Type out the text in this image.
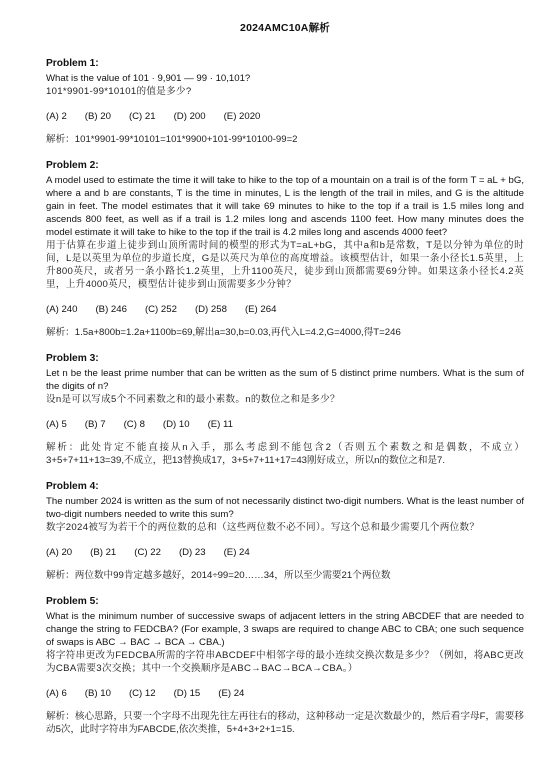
2024AMC10A解析
Problem 1:
What is the value of 101 · 9,901 — 99 · 10,101?
101*9901-99*10101的值是多少?
(A) 2 (B) 20 (C) 21 (D) 200 (E) 2020
解析：101*9901-99*10101=101*9900+101-99*10100-99=2
Problem 2:
A model used to estimate the time it will take to hike to the top of a mountain on a trail is of the form T = aL + bG, where a and b are constants, T is the time in minutes, L is the length of the trail in miles, and G is the altitude gain in feet. The model estimates that it will take 69 minutes to hike to the top if a trail is 1.5 miles long and ascends 800 feet, as well as if a trail is 1.2 miles long and ascends 1100 feet. How many minutes does the model estimate it will take to hike to the top if the trail is 4.2 miles long and ascends 4000 feet?
用于估算在步道上徒步到山顶所需时间的模型的形式为T=aL+bG，其中a和b是常数，T是以分钟为单位的时间，L是以英里为单位的步道长度，G是以英尺为单位的高度增益。该模型估计，如果一条小径长1.5英里，上升800英尺，或者另一条小路长1.2英里，上升1100英尺，徒步到山顶都需要69分钟。如果这条小径长4.2英里，上升4000英尺，模型估计徒步到山顶需要多少分钟？
(A) 240 (B) 246 (C) 252 (D) 258 (E) 264
解析：1.5a+800b=1.2a+1100b=69,解出a=30,b=0.03,再代入L=4.2,G=4000,得T=246
Problem 3:
Let n be the least prime number that can be written as the sum of 5 distinct prime numbers. What is the sum of the digits of n?
设n是可以写成5个不同素数之和的最小素数。n的数位之和是多少？
(A) 5 (B) 7 (C) 8 (D) 10 (E) 11
解析：此处肯定不能直接从n入手，那么考虑到不能包含2（否则五个素数之和是偶数，不成立）3+5+7+11+13=39,不成立，把13替换成17，3+5+7+11+17=43刚好成立，所以n的数位之和是7.
Problem 4:
The number 2024 is written as the sum of not necessarily distinct two-digit numbers. What is the least number of two-digit numbers needed to write this sum?
数字2024被写为若干个的两位数的总和（这些两位数不必不同）。写这个总和最少需要几个两位数？
(A) 20 (B) 21 (C) 22 (D) 23 (E) 24
解析：两位数中99肯定越多越好，2014÷99=20……34，所以至少需要21个两位数
Problem 5:
What is the minimum number of successive swaps of adjacent letters in the string ABCDEF that are needed to change the string to FEDCBA? (For example, 3 swaps are required to change ABC to CBA; one such sequence of swaps is ABC → BAC → BCA → CBA.)
将字符串更改为FEDCBA所需的字符串ABCDEF中相邻字母的最小连续交换次数是多少？（例如，将ABC更改为CBA需要3次交换；其中一个交换顺序是ABC→BAC→BCA→CBA。）
(A) 6 (B) 10 (C) 12 (D) 15 (E) 24
解析：核心思路，只要一个字母不出现先往左再往右的移动，这种移动一定是次数最少的，然后看字母F，需要移动5次，此时字符串为FABCDE,依次类推，5+4+3+2+1=15.
